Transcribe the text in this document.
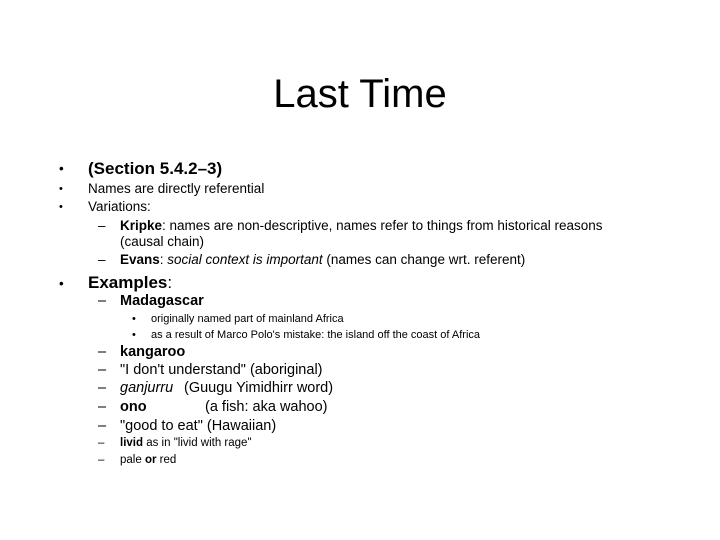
Last Time
• (Section 5.4.2–3)
• Names are directly referential
• Variations:
– Kripke: names are non-descriptive, names refer to things from historical reasons
(causal chain)
– Evans: social context is important (names can change wrt. referent)
• Examples:
– Madagascar
• originally named part of mainland Africa
• as a result of Marco Polo's mistake: the island off the coast of Africa
– kangaroo
– "I don't understand" (aboriginal)
– ganjurru (Guugu Yimidhirr word)
– ono	(a fish: aka wahoo)
– "good to eat" (Hawaiian)
– livid as in "livid with rage"
– pale or red
